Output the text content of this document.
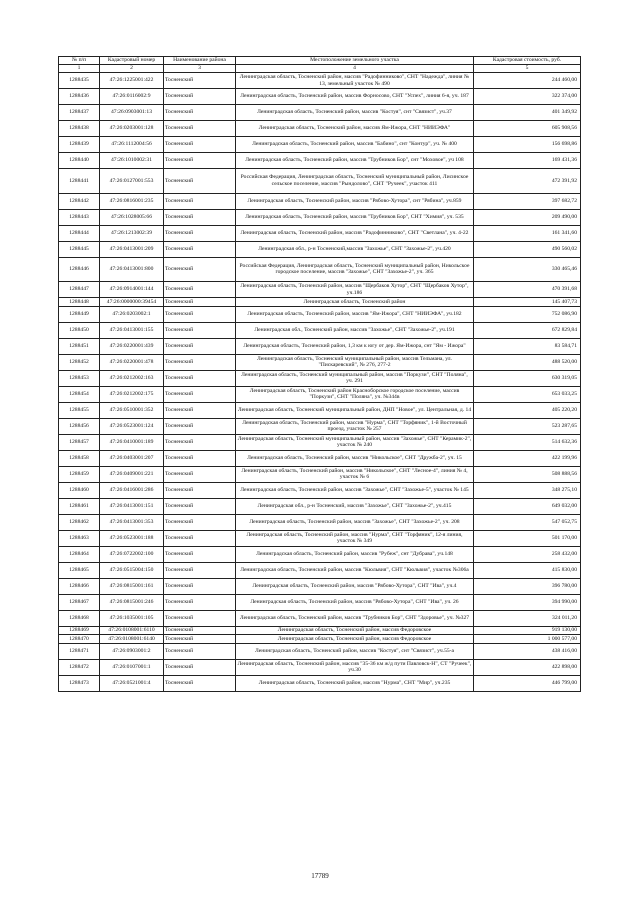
№ п/п	Кадастровый номер	Наименование района	Местоположение земельного участка	Кадастровая стоимость, руб.
1	2	3	4	5
1288435	47:26:1225001:422	Тосненский	Ленинградская область, Тосненский район, массив "Радофинниково", СНТ "Надежда", линия № 13, земельный участок № 490	244 460,00
1288436	47:26:0116002:9	Тосненский	Ленинградская область, Тосненский район, массив Форносово, СНТ "Успех", линия 6-я, уч. 187	322 374,00
1288437	47:26:0903001:13	Тосненский	Ленинградская область, Тосненский район, массив "Костуя", снт "Связист", уч.37	401 349,92
1288438	47:26:0203001:128	Тосненский	Ленинградская область, Тосненский район, массив Ям-Ижора, СНТ "НИИЭФА"	605 908,56
1288439	47:26:1112004:56	Тосненский	Ленинградская область, Тосненский район, массив "Бабино", снт "Контур", уч. № 400	156 698,86
1288440	47:26:1010002:31	Тосненский	Ленинградская область, Тосненский район, массив "Трубников Бор", снт "Моховое", уч 108	169 431,36
1288441	47:26:0127001:553	Тосненский	Российская Федерация, Ленинградская область, Тосненский муниципальный район, Лисинское сельское поселение, массив "Рындолово", СНТ "Ручеек", участок 411	472 391,92
1288442	47:26:0816001:235	Тосненский	Ленинградская область, Тосненский район, массив "Рябово-Хутора", снт "Рябина", уч.859	397 682,72
1288443	47:26:1028005:66	Тосненский	Ленинградская область, Тосненский район, массив "Трубников Бор", СНТ "Химия", уч. 535	209 490,00
1288444	47:26:1213002:39	Тосненский	Ленинградская область, Тосненский район, массив "Радофинниково", СНТ "Светлана", уч. 4-22	161 341,60
1288445	47:26:0413001:209	Тосненский	Ленинградская обл., р-н Тосненский,массив "Захожье", СНТ "Захожье-2", уч.420	490 560,02
1288446	47:26:0413001:800	Тосненский	Российская Федерация, Ленинградская область, Тосненский муниципальный район, Никольское городское поселение, массив "Захожье", СНТ "Захожье-2", уч. 365	330 465,46
1288447	47:26:0914001:144	Тосненский	Ленинградская область, Тосненский район, массив "Щербаков Хутор", СНТ "Щербаков Хутор", уч.186	470 391,68
1288448	47:26:0000000:39454	Тосненский	Ленинградская область, Тосненский район	145 407,73
1288449	47:26:0203002:1	Тосненский	Ленинградская область, Тосненский район, массив "Ям-Ижора", СНТ "НИИЭФА", уч.182	752 086,90
1288450	47:26:0413001:155	Тосненский	Ленинградская обл., Тосненский район, массив "Захожье", СНТ "Захожье-2", уч.191	672 829,84
1288451	47:26:0220001:439	Тосненский	Ленинградская область, Тосненский район, 1,3 км к югу от дер. Ям-Ижора, снт "Ям - Ижора"	83 584,71
1288452	47:26:0220001:478	Тосненский	Ленинградская область, Тосненский муниципальный район, массив Тельмана, ул. "Пискаревский", № 276, 277-2	488 520,00
1288453	47:26:0212002:163	Тосненский	Ленинградская область, Тосненский муниципальный район, массив "Поркузи", СНТ "Поляна", уч. 291	630 319,05
1288454	47:26:0212002:175	Тосненский	Ленинградская область, Тосненский район Красноборское городское поселение, массив "Поркузи", СНТ "Поляна", уч. №344в	653 033,25
1288455	47:26:0510001:352	Тосненский	Ленинградская область, Тосненский муниципальный район, ДНП "Новое", ул. Центральная, д. 14	405 220,20
1288456	47:26:0523001:124	Тосненский	Ленинградская область, Тосненский район, массив "Нурма", СНТ "Торфяник", 1-й Восточный проезд, участок № 257	523 287,65
1288457	47:26:0410001:189	Тосненский	Ленинградская область, Тосненский муниципальный район, массив "Захожье", СНТ "Керамик-2", участок № 240	514 632,36
1288458	47:26:0403001:207	Тосненский	Ленинградская область, Тосненский район, массив "Никольское", СНТ "Дружба-2", уч. 15	422 199,96
1288459	47:26:0409001:221	Тосненский	Ленинградская область, Тосненский район, массив "Никольское", СНТ "Лесное-4", линия № 4, участок № 6	508 888,56
1288460	47:26:0416001:286	Тосненский	Ленинградская область, Тосненский район, массив "Захожье", СНТ "Захожье-5", участок № 145	348 275,10
1288461	47:26:0413001:151	Тосненский	Ленинградская обл., р-н Тосненский, массив "Захожье", СНТ "Захожье-2", уч.415	649 032,00
1288462	47:26:0413001:353	Тосненский	Ленинградская область, Тосненский район, массив "Захожье", СНТ "Захожье-2", уч. 208	547 052,75
1288463	47:26:0523001:188	Тосненский	Ленинградская область, Тосненский район, массив "Нурма", СНТ "Торфяник", 12-я линия, участок № 349	501 170,00
1288464	47:26:0722002:100	Тосненский	Ленинградская область, Тосненский район, массив "Рубеж", снт "Дубрава", уч.148	258 432,00
1288465	47:26:0515004:150	Тосненский	Ленинградская область, Тосненский район, массив "Кюльвия", СНТ "Кюльвия", участок №306а	415 830,00
1288466	47:26:0815001:161	Тосненский	Ленинградская область, Тосненский район, массив "Рябово-Хутора", СНТ "Ива", уч.4	396 780,00
1288467	47:26:0815001:246	Тосненский	Ленинградская область, Тосненский район, массив "Рябово-Хутора", СНТ "Ива", уч. 26	394 990,00
1288468	47:26:1035001:105	Тосненский	Ленинградская область, Тосненский район, массив "Трубников Бор", СНТ "Здоровье", уч. №327	324 011,20
1288469	47:26:0108001:6110	Тосненский	Ленинградская область, Тосненский район, массив Федоровское	919 130,00
1288470	47:26:0108001:6140	Тосненский	Ленинградская область, Тосненский район, массив Федоровское	1 000 577,00
1288471	47:26:0903001:2	Тосненский	Ленинградская область, Тосненский район, массив "Костуя", снт "Связист", уч.55-а	438 416,00
1288472	47:26:0107001:1	Тосненский	Ленинградская область, Тосненский район, массив "35-36 км ж/д пути Павловск-Н", СТ "Ручеек", уч.30	422 898,00
1288473	47:26:0521001:4	Тосненский	Ленинградская область, Тосненский район, массив "Нурма", СНТ "Мир", уч.235	446 799,00
17789
